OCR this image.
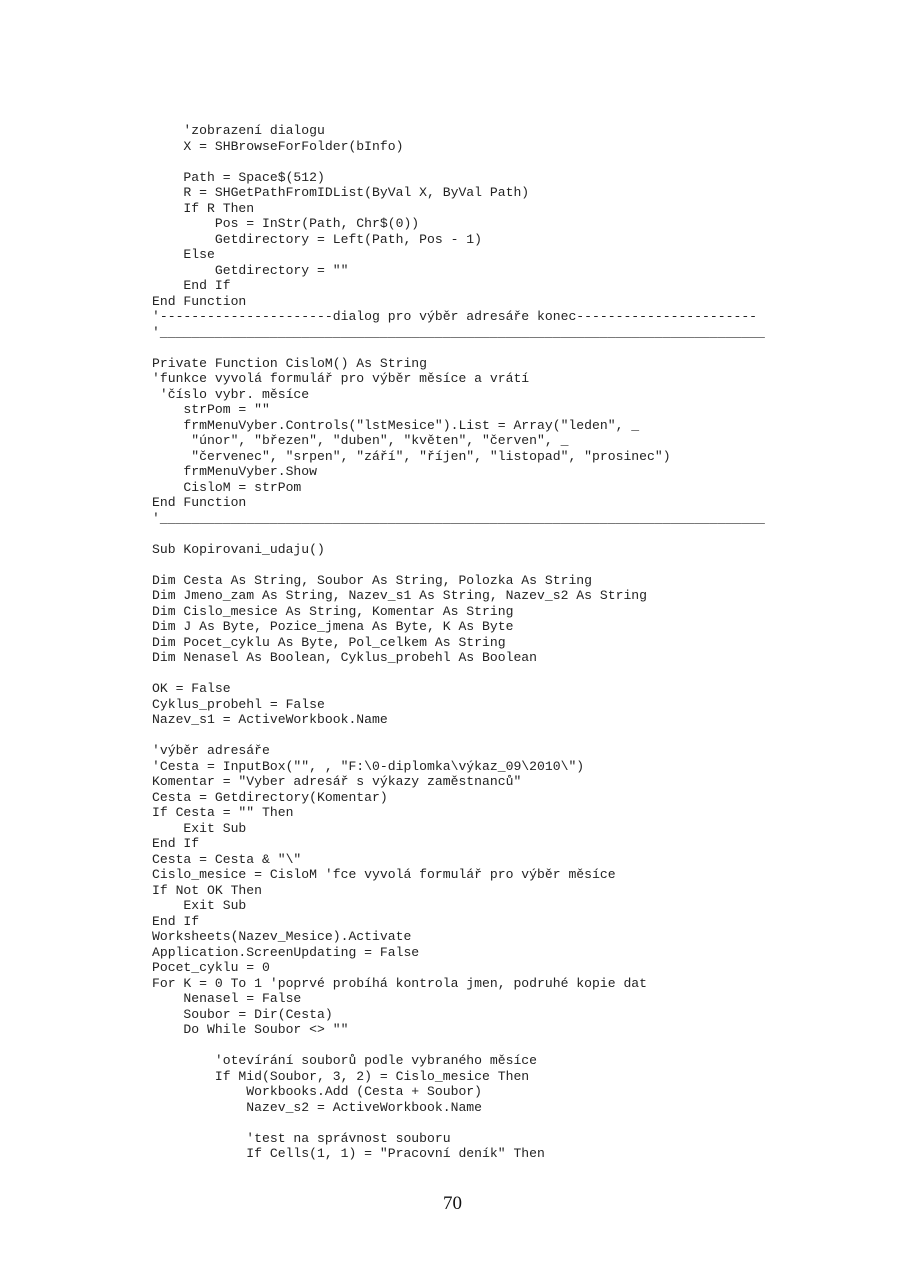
'zobrazení dialogu
X = SHBrowseForFolder(bInfo)
Path = Space$(512)
R = SHGetPathFromIDList(ByVal X, ByVal Path)
If R Then
Pos = InStr(Path, Chr$(0))
Getdirectory = Left(Path, Pos - 1)
Else
Getdirectory = ""
End If
End Function
'----------------------dialog pro výběr adresáře konec-----------------------
'_____________________________________________________________________________
Private Function CisloM() As String
'funkce vyvolá formulář pro výběr měsíce a vrátí
'číslo vybr. měsíce
strPom = ""
frmMenuVyber.Controls("lstMesice").List = Array("leden", _
"únor", "březen", "duben", "květen", "červen", _
"červenec", "srpen", "září", "říjen", "listopad", "prosinec")
frmMenuVyber.Show
CisloM = strPom
End Function
'_____________________________________________________________________________
Sub Kopirovani_udaju()
Dim Cesta As String, Soubor As String, Polozka As String
Dim Jmeno_zam As String, Nazev_s1 As String, Nazev_s2 As String
Dim Cislo_mesice As String, Komentar As String
Dim J As Byte, Pozice_jmena As Byte, K As Byte
Dim Pocet_cyklu As Byte, Pol_celkem As String
Dim Nenasel As Boolean, Cyklus_probehl As Boolean
OK = False
Cyklus_probehl = False
Nazev_s1 = ActiveWorkbook.Name
'výběr adresáře
'Cesta = InputBox("", , "F:\0-diplomka\výkaz_09\2010\")
Komentar = "Vyber adresář s výkazy zaměstnanců"
Cesta = Getdirectory(Komentar)
If Cesta = "" Then
Exit Sub
End If
Cesta = Cesta & "\"
Cislo_mesice = CisloM 'fce vyvolá formulář pro výběr měsíce
If Not OK Then
Exit Sub
End If
Worksheets(Nazev_Mesice).Activate
Application.ScreenUpdating = False
Pocet_cyklu = 0
For K = 0 To 1 'poprvé probíhá kontrola jmen, podruhé kopie dat
Nenasel = False
Soubor = Dir(Cesta)
Do While Soubor <> ""
'otevírání souborů podle vybraného měsíce
If Mid(Soubor, 3, 2) = Cislo_mesice Then
Workbooks.Add (Cesta + Soubor)
Nazev_s2 = ActiveWorkbook.Name
'test na správnost souboru
If Cells(1, 1) = "Pracovní deník" Then
70
